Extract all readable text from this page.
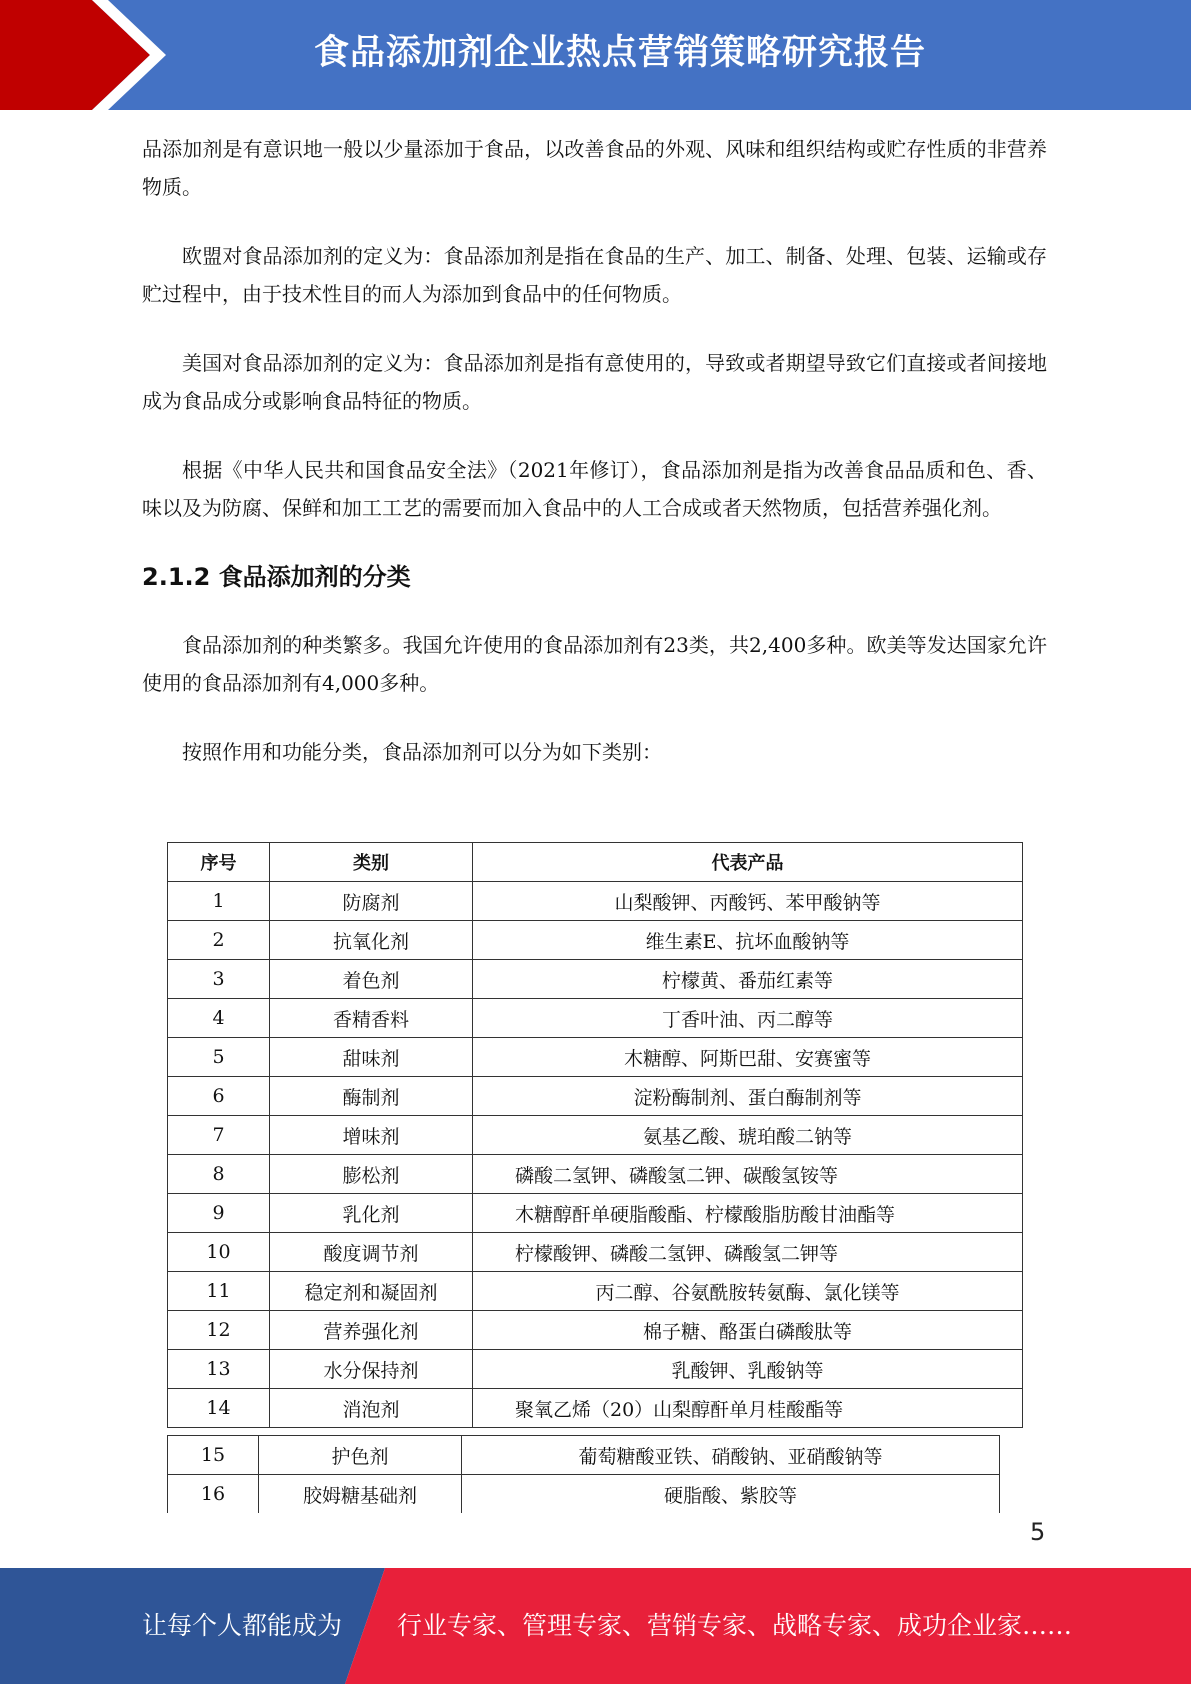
食品添加剂企业热点营销策略研究报告

品添加剂是有意识地一般以少量添加于食品，以改善食品的外观、风味和组织结构或贮存性质的非营养物质。

欧盟对食品添加剂的定义为：食品添加剂是指在食品的生产、加工、制备、处理、包装、运输或存贮过程中，由于技术性目的而人为添加到食品中的任何物质。

美国对食品添加剂的定义为：食品添加剂是指有意使用的，导致或者期望导致它们直接或者间接地成为食品成分或影响食品特征的物质。

根据《中华人民共和国食品安全法》（2021年修订），食品添加剂是指为改善食品品质和色、香、味以及为防腐、保鲜和加工工艺的需要而加入食品中的人工合成或者天然物质，包括营养强化剂。

2.1.2 食品添加剂的分类

食品添加剂的种类繁多。我国允许使用的食品添加剂有23类，共2,400多种。欧美等发达国家允许使用的食品添加剂有4,000多种。

按照作用和功能分类，食品添加剂可以分为如下类别：

序号	类别	代表产品
1	防腐剂	山梨酸钾、丙酸钙、苯甲酸钠等
2	抗氧化剂	维生素E、抗坏血酸钠等
3	着色剂	柠檬黄、番茄红素等
4	香精香料	丁香叶油、丙二醇等
5	甜味剂	木糖醇、阿斯巴甜、安赛蜜等
6	酶制剂	淀粉酶制剂、蛋白酶制剂等
7	增味剂	氨基乙酸、琥珀酸二钠等
8	膨松剂	磷酸二氢钾、磷酸氢二钾、碳酸氢铵等
9	乳化剂	木糖醇酐单硬脂酸酯、柠檬酸脂肪酸甘油酯等
10	酸度调节剂	柠檬酸钾、磷酸二氢钾、磷酸氢二钾等
11	稳定剂和凝固剂	丙二醇、谷氨酰胺转氨酶、氯化镁等
12	营养强化剂	棉子糖、酪蛋白磷酸肽等
13	水分保持剂	乳酸钾、乳酸钠等
14	消泡剂	聚氧乙烯（20）山梨醇酐单月桂酸酯等
15	护色剂	葡萄糖酸亚铁、硝酸钠、亚硝酸钠等
16	胶姆糖基础剂	硬脂酸、紫胶等
5
让每个人都能成为 行业专家、管理专家、营销专家、战略专家、成功企业家……
